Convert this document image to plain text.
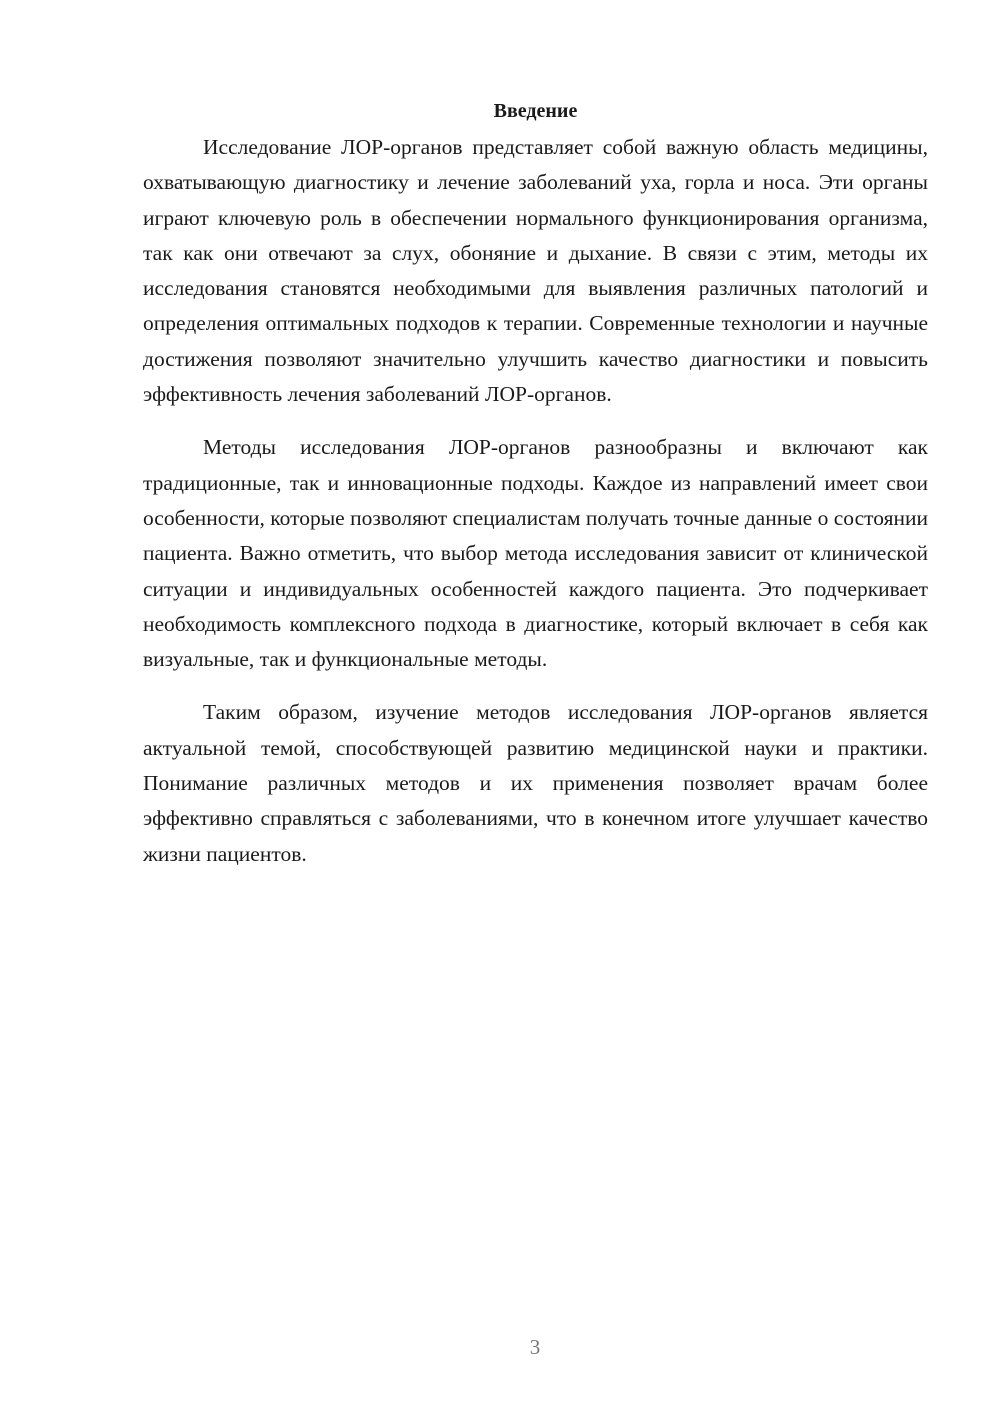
Введение

Исследование ЛОР-органов представляет собой важную область медицины, охватывающую диагностику и лечение заболеваний уха, горла и носа. Эти органы играют ключевую роль в обеспечении нормального функционирования организма, так как они отвечают за слух, обоняние и дыхание. В связи с этим, методы их исследования становятся необходимыми для выявления различных патологий и определения оптимальных подходов к терапии. Современные технологии и научные достижения позволяют значительно улучшить качество диагностики и повысить эффективность лечения заболеваний ЛОР-органов.

Методы исследования ЛОР-органов разнообразны и включают как традиционные, так и инновационные подходы. Каждое из направлений имеет свои особенности, которые позволяют специалистам получать точные данные о состоянии пациента. Важно отметить, что выбор метода исследования зависит от клинической ситуации и индивидуальных особенностей каждого пациента. Это подчеркивает необходимость комплексного подхода в диагностике, который включает в себя как визуальные, так и функциональные методы.

Таким образом, изучение методов исследования ЛОР-органов является актуальной темой, способствующей развитию медицинской науки и практики. Понимание различных методов и их применения позволяет врачам более эффективно справляться с заболеваниями, что в конечном итоге улучшает качество жизни пациентов.

3
